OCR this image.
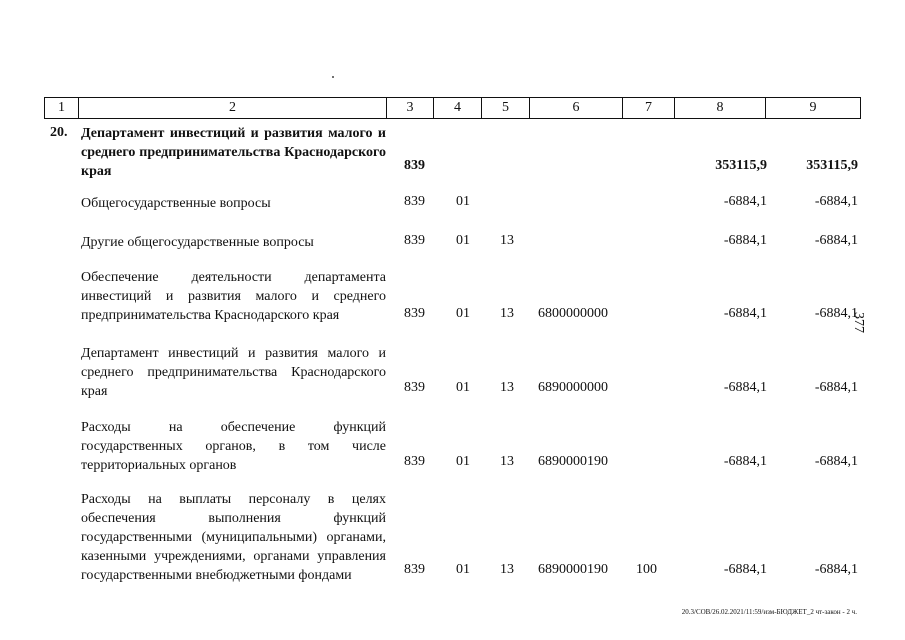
1	2	3	4	5	6	7	8	9
20. Департамент инвестиций и развития малого и среднего предпринимательства Краснодарского края	839	353115,9	353115,9
Общегосударственные вопросы	839 01	-6884,1	-6884,1
Другие общегосударственные вопросы	839 01 13	-6884,1	-6884,1
Обеспечение деятельности департамента инвестиций и развития малого и среднего предпринимательства Краснодарского края	839 01 13 6800000000	-6884,1	-6884,1
Департамент инвестиций и развития малого и среднего предпринимательства Краснодарского края	839 01 13 6890000000	-6884,1	-6884,1
Расходы на обеспечение функций государственных органов, в том числе территориальных органов	839 01 13 6890000190	-6884,1	-6884,1
Расходы на выплаты персоналу в целях обеспечения выполнения функций государственными (муниципальными) органами, казенными учреждениями, органами управления государственными внебюджетными фондами	839 01 13 6890000190 100	-6884,1	-6884,1
377
20.3/СОВ/26.02.2021/11:59/изм-БЮДЖЕТ_2 чт-закон - 2 ч.
